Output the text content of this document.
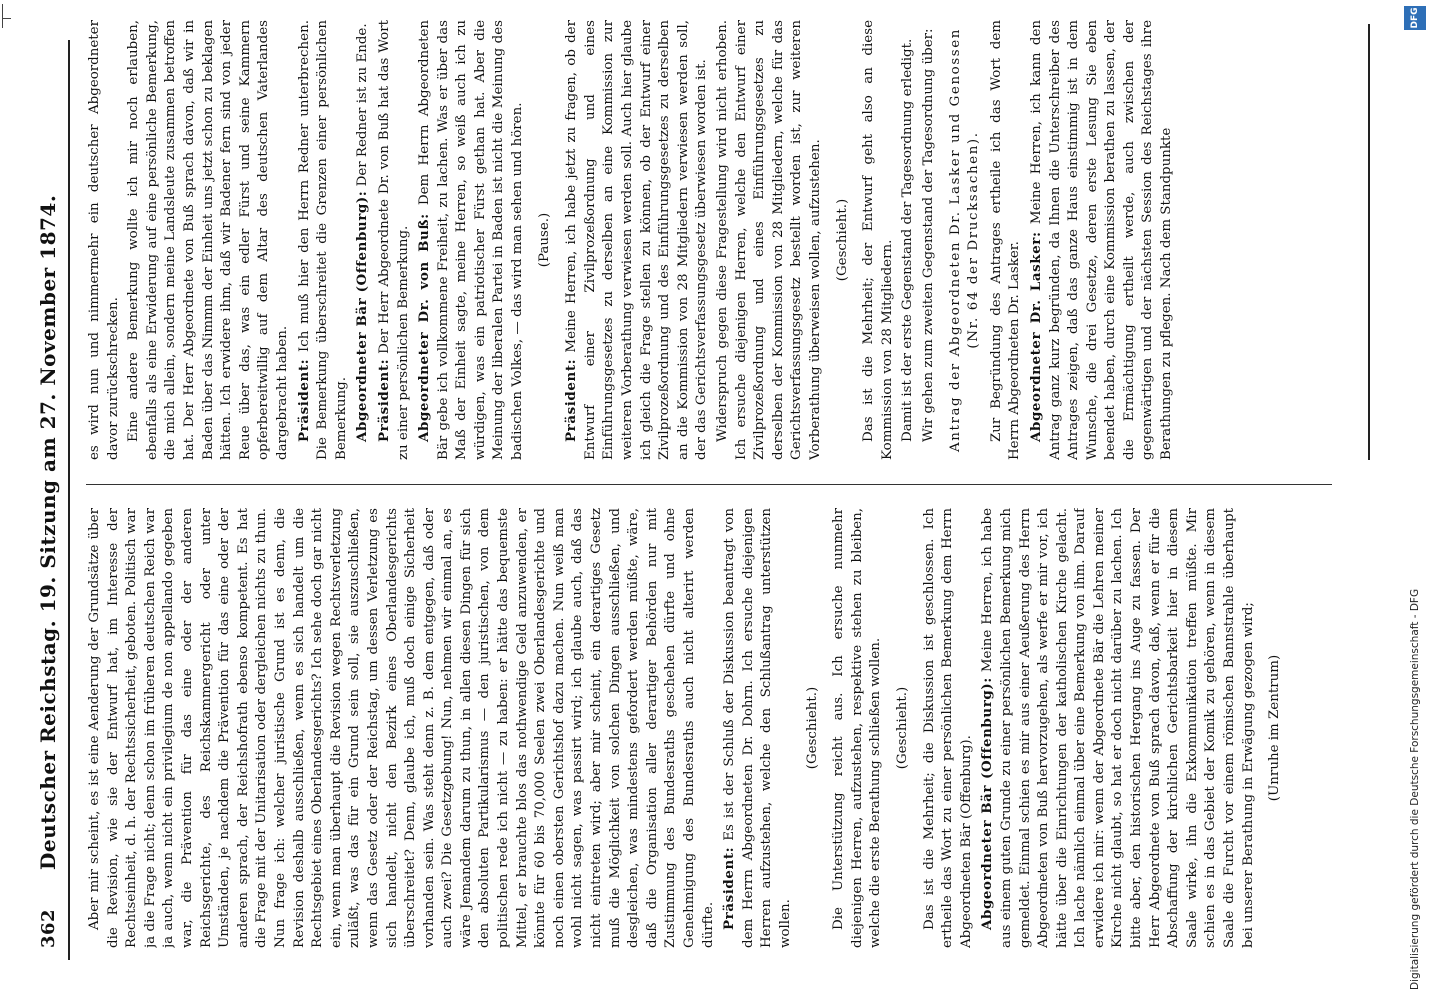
362
Deutscher Reichstag. 19. Sitzung am 27. November 1874. Aber mir scheint, es ist eine Aenderung der Grundsätze über die Revision, wie sie der Entwurf hat, im Interesse der Rechtseinheit, d. h. der Rechtssicherheit, geboten. Politisch war ja die Frage nicht; denn schon im früheren deutschen Reich war ja auch, wenn nicht ein privilegium de non appellando gegeben war, die Prävention für das eine oder der anderen Reichsgerichte, des Reichskammergericht oder unter Umständen, je nachdem die Prävention für das eine oder der anderen sprach, der Reichshofrath ebenso kompetent. Es hat die Frage mit der Unitarisation oder dergleichen nichts zu thun. Nun frage ich: welcher juristische Grund ist es denn, die Revision deshalb ausschließen, wenn es sich handelt um die Rechtsgebiet eines Oberlandesgerichts? Ich sehe doch gar nicht ein, wenn man überhaupt die Revision wegen Rechtsverletzung zuläßt, was das für ein Grund sein soll, sie auszuschließen, wenn das Gesetz oder der Reichstag, um dessen Verletzung es sich handelt, nicht den Bezirk eines Oberlandesgerichts überschreitet? Denn, glaube ich, muß doch einige Sicherheit vorhanden sein. Was steht denn z. B. dem entgegen, daß oder auch zwei? Die Gesetzgebung! Nun, nehmen wir einmal an, es wäre Jemandem darum zu thun, in allen diesen Dingen für sich den absoluten Partikularismus — den juristischen, von dem politischen rede ich nicht — zu haben: er hätte das bequemste Mittel, er brauchte blos das nothwendige Geld anzuwenden, er könnte für 60 bis 70,000 Seelen zwei Oberlandesgerichte und noch einen obersten Gerichtshof dazu machen. Nun weiß man wohl nicht sagen, was passirt wird; ich glaube auch, daß das nicht eintreten wird; aber mir scheint, ein derartiges Gesetz muß die Möglichkeit von solchen Dingen ausschließen, und desgleichen, was mindestens gefordert werden müßte, wäre, daß die Organisation aller derartiger Behörden nur mit Zustimmung des Bundesraths geschehen dürfte und ohne Genehmigung des Bundesraths auch nicht alterirt werden dürfte. Präsident: Es ist der Schluß der Diskussion beantragt von dem Herrn Abgeordneten Dr. Dohrn. Ich ersuche diejenigen Herren aufzustehen, welche den Schlußantrag unterstützen wollen.

(Geschieht.) Die Unterstützung reicht aus. Ich ersuche nunmehr diejenigen Herren, aufzustehen, respektive stehen zu bleiben, welche die erste Berathung schließen wollen. (Geschieht.) Das ist die Mehrheit; die Diskussion ist geschlossen. Ich ertheile das Wort zu einer persönlichen Bemerkung dem Herrn Abgeordneten Bär (Offenburg). Abgeordneter Bär (Offenburg): Meine Herren, ich habe aus einem guten Grunde zu einer persönlichen Bemerkung mich gemeldet. Einmal schien es mir aus einer Aeußerung des Herrn Abgeordneten von Buß hervorzugehen, als werfe er mir vor, ich hätte über die Einrichtungen der katholischen Kirche gelacht. Ich lache nämlich einmal über eine Bemerkung von ihm. Darauf erwidere ich mir: wenn der Abgeordnete Bär die Lehren meiner Kirche nicht glaubt, so hat er doch nicht darüber zu lachen. Ich bitte aber, den historischen Hergang ins Auge zu fassen. Der Herr Abgeordnete von Buß sprach davon, daß, wenn er für die Abschaffung der kirchlichen Gerichtsbarkeit hier in diesem Saale wirke, ihn die Exkommunikation treffen müßte. Mir schien es in das Gebiet der Komik zu gehören, wenn in diesem Saale die Furcht vor einem römischen Bannstrahle überhaupt bei unserer Berathung in Erwägung gezogen wird; (Unruhe im Zentrum)

es wird nun und nimmermehr ein deutscher Abgeordneter davor zurückschrecken. Eine andere Bemerkung wollte ich mir noch erlauben, ebenfalls als eine Erwiderung auf eine persönliche Bemerkung, die mich allein, sondern meine Landsleute zusammen betroffen hat. Der Herr Abgeordnete von Buß sprach davon, daß wir in Baden über das Nimmm der Einheit uns jetzt schon zu beklagen hätten. Ich erwidere ihm, daß wir Badener fern sind von jeder Reue über das, was ein edler Fürst und seine Kammern opferbereitwillig auf dem Altar des deutschen Vaterlandes dargebracht haben. Präsident: Ich muß hier den Herrn Redner unterbrechen. Die Bemerkung überschreitet die Grenzen einer persönlichen Bemerkung. Abgeordneter Bär (Offenburg): Der Redner ist zu Ende.

Präsident: Der Herr Abgeordnete Dr. von Buß hat das Wort zu einer persönlichen Bemerkung. Abgeordneter Dr. von Buß: Dem Herrn Abgeordneten Bär gebe ich vollkommene Freiheit, zu lachen. Was er über das Maß der Einheit sagte, meine Herren, so weiß auch ich zu würdigen, was ein patriotischer Fürst gethan hat. Aber die Meinung der liberalen Partei in Baden ist nicht die Meinung des badischen Volkes, — das wird man sehen und hören. (Pause.)

Präsident: Meine Herren, ich habe jetzt zu fragen, ob der Entwurf einer Zivilprozeßordnung und eines Einführungsgesetzes zu derselben an eine Kommission zur weiteren Vorberathung verwiesen werden soll. Auch hier glaube ich gleich die Frage stellen zu können, ob der Entwurf einer Zivilprozeßordnung und des Einführungsgesetzes zu derselben an die Kommission von 28 Mitgliedern verwiesen werden soll, der das Gerichtsverfassungsgesetz überwiesen worden ist. Widerspruch gegen diese Fragestellung wird nicht erhoben. Ich ersuche diejenigen Herren, welche den Entwurf einer Zivilprozeßordnung und eines Einführungsgesetzes zu derselben der Kommission von 28 Mitgliedern, welche für das Gerichtsverfassungsgesetz bestellt worden ist, zur weiteren Vorberathung überweisen wollen, aufzustehen. (Geschieht.) Das ist die Mehrheit; der Entwurf geht also an diese Kommission von 28 Mitgliedern. Damit ist der erste Gegenstand der Tagesordnung erledigt. Wir gehen zum zweiten Gegenstand der Tagesordnung über: Antrag der Abgeordneten Dr. Lasker und Genossen (Nr. 64 der Drucksachen). Zur Begründung des Antrages ertheile ich das Wort dem Herrn Abgeordneten Dr. Lasker. Abgeordneter Dr. Lasker: Meine Herren, ich kann den Antrag ganz kurz begründen, da Ihnen die Unterschreiber des Antrages zeigen, daß das ganze Haus einstimmig ist in dem Wunsche, die drei Gesetze, deren erste Lesung Sie eben beendet haben, durch eine Kommission berathen zu lassen, der die Ermächtigung ertheilt werde, auch zwischen der gegenwärtigen und der nächsten Session des Reichstages ihre Berathungen zu pflegen. Nach dem Standpunkte

DFG
Digitalisierung gefördert durch die Deutsche Forschungsgemeinschaft - DFG
